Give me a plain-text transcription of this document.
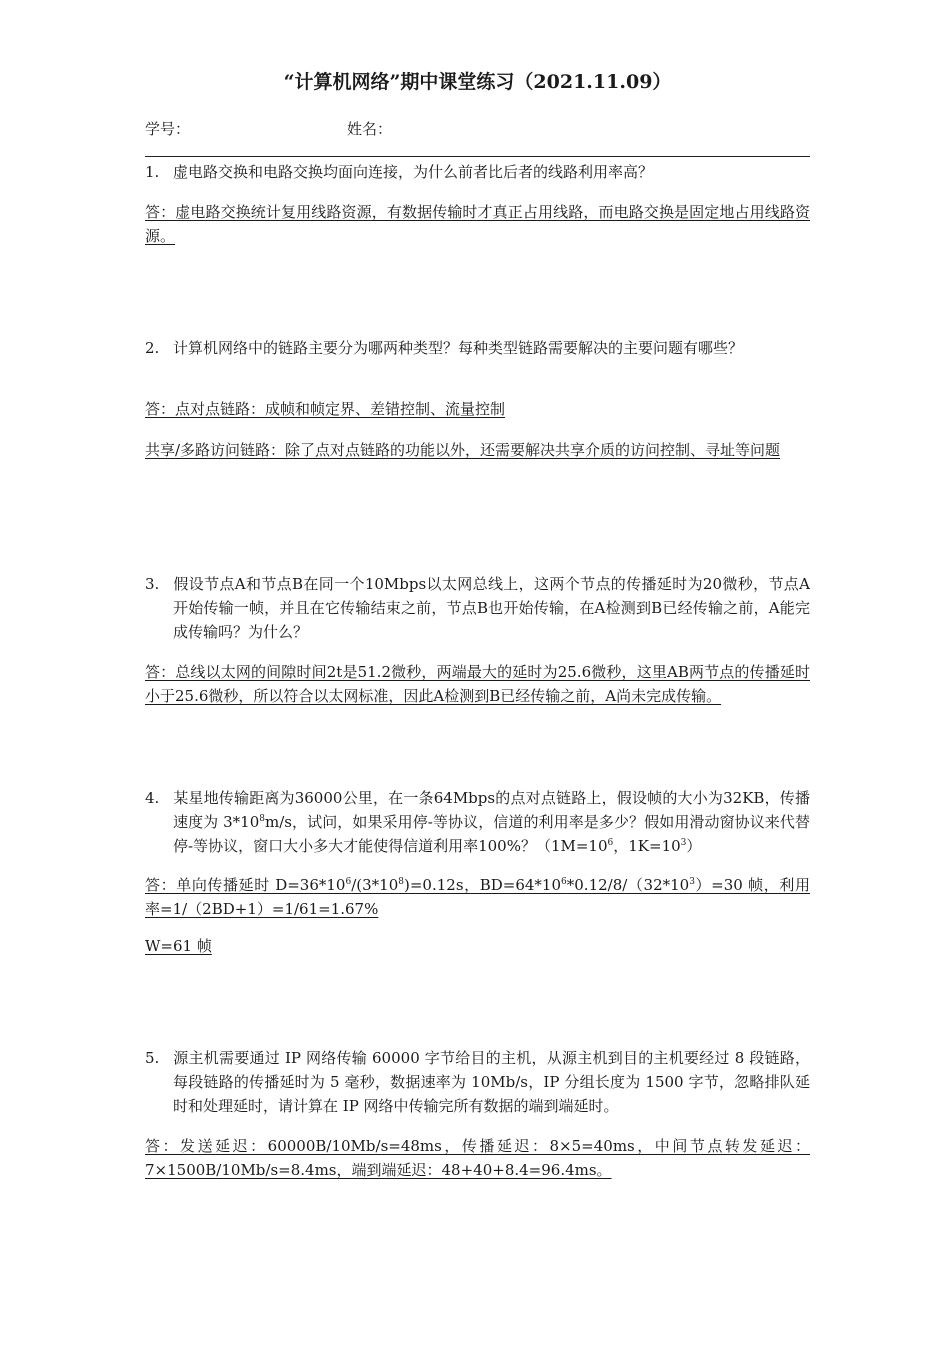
“计算机网络”期中课堂练习（2021.11.09）
学号：	姓名：
1. 虚电路交换和电路交换均面向连接，为什么前者比后者的线路利用率高？
答：虚电路交换统计复用线路资源，有数据传输时才真正占用线路，而电路交换是固定地占用线路资源。
2. 计算机网络中的链路主要分为哪两种类型？每种类型链路需要解决的主要问题有哪些？
答：点对点链路：成帧和帧定界、差错控制、流量控制
共享/多路访问链路：除了点对点链路的功能以外，还需要解决共享介质的访问控制、寻址等问题
3. 假设节点A和节点B在同一个10Mbps以太网总线上，这两个节点的传播延时为20微秒，节点A开始传输一帧，并且在它传输结束之前，节点B也开始传输，在A检测到B已经传输之前，A能完成传输吗？为什么？
答：总线以太网的间隙时间2t是51.2微秒，两端最大的延时为25.6微秒，这里AB两节点的传播延时小于25.6微秒，所以符合以太网标准，因此A检测到B已经传输之前，A尚未完成传输。
4. 某星地传输距离为36000公里，在一条64Mbps的点对点链路上，假设帧的大小为32KB，传播速度为 $3*10^8m/s$，试问，如果采用停-等协议，信道的利用率是多少？假如用滑动窗协议来代替停-等协议，窗口大小多大才能使得信道利用率100%？（$1M=10^6$，$1K=10^3$）
答：单向传播延时 $D=36*10^6/(3*10^8)=0.12s$，$BD=64*10^6*0.12/8/(32*10^3)=30$ 帧，利用率=1/（2BD+1）=1/61=1.67%
W=61 帧
5. 源主机需要通过 IP 网络传输 60000 字节给目的主机，从源主机到目的主机要经过 8 段链路，每段链路的传播延时为 5 毫秒，数据速率为 10Mb/s，IP 分组长度为 1500 字节，忽略排队延时和处理延时，请计算在 IP 网络中传输完所有数据的端到端延时。
答：发送延迟：60000B/10Mb/s=48ms，传播延迟：8×5=40ms，中间节点转发延迟：7×1500B/10Mb/s=8.4ms，端到端延迟：48+40+8.4=96.4ms。
